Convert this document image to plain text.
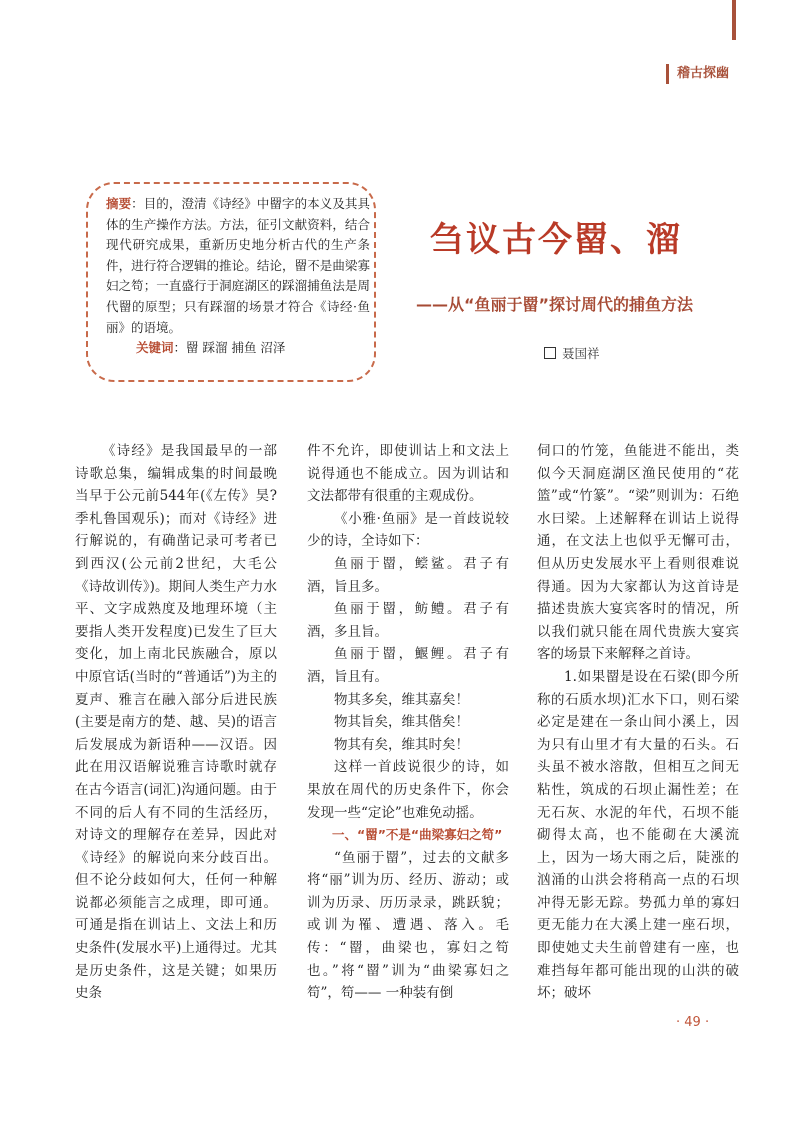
稽古探幽

摘要：目的，澄清《诗经》中罶字的本义及其具体的生产操作方法。方法，征引文献资料，结合现代研究成果，重新历史地分析古代的生产条件，进行符合逻辑的推论。结论，罶不是曲梁寡妇之笱；一直盛行于洞庭湖区的踩溜捕鱼法是周代罶的原型；只有踩溜的场景才符合《诗经·鱼丽》的语境。

关键词：罶 踩溜 捕鱼 沼泽

刍议古今罶、溜

——从“鱼丽于罶”探讨周代的捕鱼方法

聂国祥

《诗经》是我国最早的一部诗歌总集，编辑成集的时间最晚当早于公元前544年(《左传》昊?季札鲁国观乐)；而对《诗经》进行解说的，有确凿记录可考者已到西汉(公元前2世纪，大毛公《诗故训传》)。期间人类生产力水平、文字成熟度及地理环境（主要指人类开发程度)已发生了巨大变化，加上南北民族融合，原以中原官话(当时的“普通话”)为主的夏声、雅言在融入部分后进民族(主要是南方的楚、越、吴)的语言后发展成为新语种——汉语。因此在用汉语解说雅言诗歌时就存在古今语言(词汇)沟通问题。由于不同的后人有不同的生活经历，对诗文的理解存在差异，因此对《诗经》的解说向来分歧百出。但不论分歧如何大，任何一种解说都必须能言之成理，即可通。可通是指在训诂上、文法上和历史条件(发展水平)上通得过。尤其是历史条件，这是关键；如果历史条

件不允许，即使训诂上和文法上说得通也不能成立。因为训诂和文法都带有很重的主观成份。

《小雅·鱼丽》是一首歧说较少的诗，全诗如下：

鱼丽于罶，鲿鲨。君子有酒，旨且多。

鱼丽于罶，鲂鳢。君子有酒，多且旨。

鱼丽于罶，鰋鲤。君子有酒，旨且有。

物其多矣，维其嘉矣！

物其旨矣，维其偕矣！

物其有矣，维其时矣！

这样一首歧说很少的诗，如果放在周代的历史条件下，你会发现一些“定论”也难免动摇。

一、“罶”不是“曲梁寡妇之笱”

“鱼丽于罶”，过去的文献多将“丽”训为历、经历、游动；或训为历录、历历录录，跳跃貌；或训为罹、遭遇、落入。毛传：“罶，曲梁也，寡妇之笱也。”将“罶”训为“曲梁寡妇之笱”，笱—— 一种装有倒

伺口的竹笼，鱼能进不能出，类似今天洞庭湖区渔民使用的“花篮”或“竹篆”。“梁”则训为：石绝水曰梁。上述解释在训诂上说得通，在文法上也似乎无懈可击，但从历史发展水平上看则很难说得通。因为大家都认为这首诗是描述贵族大宴宾客时的情况，所以我们就只能在周代贵族大宴宾客的场景下来解释之首诗。

1.如果罶是设在石梁(即今所称的石质水坝)汇水下口，则石梁必定是建在一条山间小溪上，因为只有山里才有大量的石头。石头虽不被水溶散，但相互之间无粘性，筑成的石坝止漏性差；在无石灰、水泥的年代，石坝不能砌得太高，也不能砌在大溪流上，因为一场大雨之后，陡涨的汹涌的山洪会将稍高一点的石坝冲得无影无踪。势孤力单的寡妇更无能力在大溪上建一座石坝，即使她丈夫生前曾建有一座，也难挡每年都可能出现的山洪的破坏；破坏

· 49 ·
